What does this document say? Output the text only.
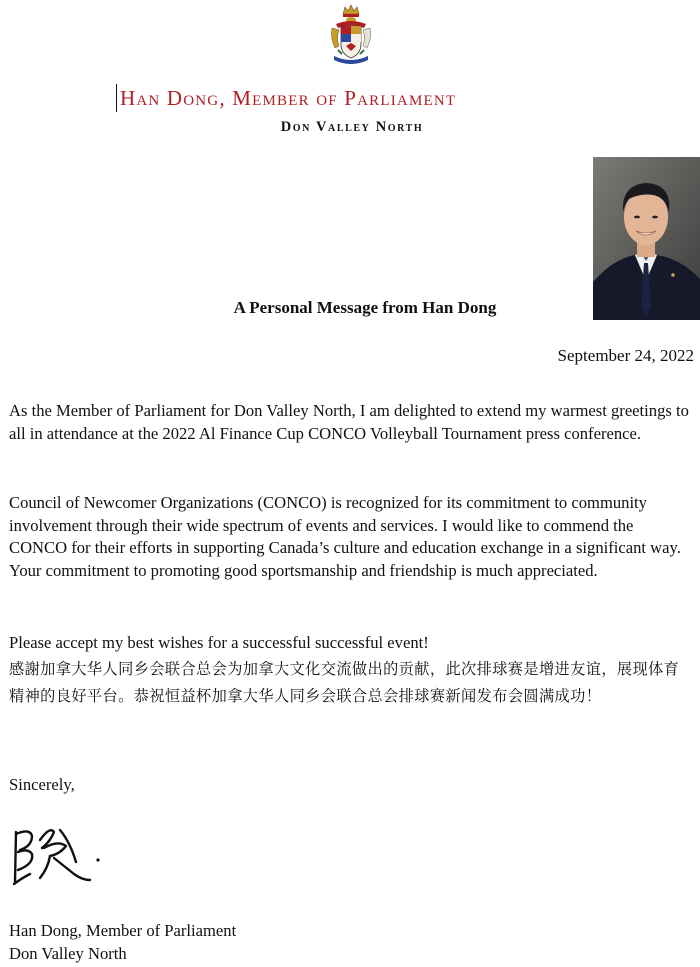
Han Dong, Member of Parliament
Don Valley North
A Personal Message from Han Dong
September 24, 2022
As the Member of Parliament for Don Valley North, I am delighted to extend my warmest greetings to all in attendance at the 2022 Al Finance Cup CONCO Volleyball Tournament press conference.
Council of Newcomer Organizations (CONCO) is recognized for its commitment to community involvement through their wide spectrum of events and services. I would like to commend the CONCO for their efforts in supporting Canada’s culture and education exchange in a significant way. Your commitment to promoting good sportsmanship and friendship is much appreciated.
Please accept my best wishes for a successful successful event!
感謝加拿大华人同乡会联合总会为加拿大文化交流做出的贡献，此次排球赛是增进友谊，展现体育精神的良好平台。恭祝恒益杯加拿大华人同乡会联合总会排球赛新闻发布会圆满成功！
Sincerely,
Han Dong, Member of Parliament
Don Valley North
